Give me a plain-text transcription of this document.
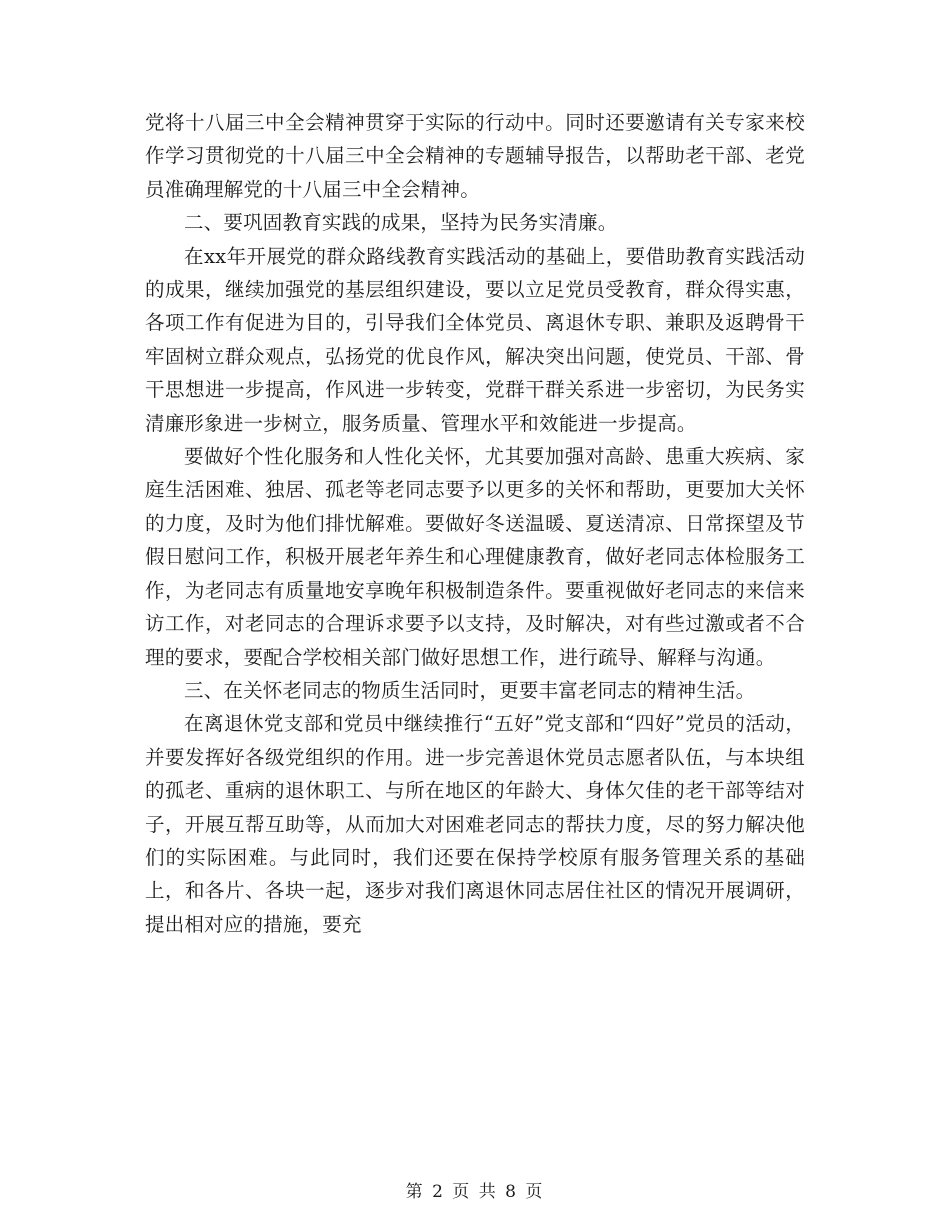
党将十八届三中全会精神贯穿于实际的行动中。同时还要邀请有关专家来校作学习贯彻党的十八届三中全会精神的专题辅导报告，以帮助老干部、老党员准确理解党的十八届三中全会精神。

二、要巩固教育实践的成果，坚持为民务实清廉。

在xx年开展党的群众路线教育实践活动的基础上，要借助教育实践活动的成果，继续加强党的基层组织建设，要以立足党员受教育，群众得实惠，各项工作有促进为目的，引导我们全体党员、离退休专职、兼职及返聘骨干牢固树立群众观点，弘扬党的优良作风，解决突出问题，使党员、干部、骨干思想进一步提高，作风进一步转变，党群干群关系进一步密切，为民务实清廉形象进一步树立，服务质量、管理水平和效能进一步提高。

要做好个性化服务和人性化关怀，尤其要加强对高龄、患重大疾病、家庭生活困难、独居、孤老等老同志要予以更多的关怀和帮助，更要加大关怀的力度，及时为他们排忧解难。要做好冬送温暖、夏送清凉、日常探望及节假日慰问工作，积极开展老年养生和心理健康教育，做好老同志体检服务工作，为老同志有质量地安享晚年积极制造条件。要重视做好老同志的来信来访工作，对老同志的合理诉求要予以支持，及时解决，对有些过激或者不合理的要求，要配合学校相关部门做好思想工作，进行疏导、解释与沟通。

三、在关怀老同志的物质生活同时，更要丰富老同志的精神生活。

在离退休党支部和党员中继续推行“五好”党支部和“四好”党员的活动，并要发挥好各级党组织的作用。进一步完善退休党员志愿者队伍，与本块组的孤老、重病的退休职工、与所在地区的年龄大、身体欠佳的老干部等结对子，开展互帮互助等，从而加大对困难老同志的帮扶力度，尽的努力解决他们的实际困难。与此同时，我们还要在保持学校原有服务管理关系的基础上，和各片、各块一起，逐步对我们离退休同志居住社区的情况开展调研，提出相对应的措施，要充

第 2 页 共 8 页
